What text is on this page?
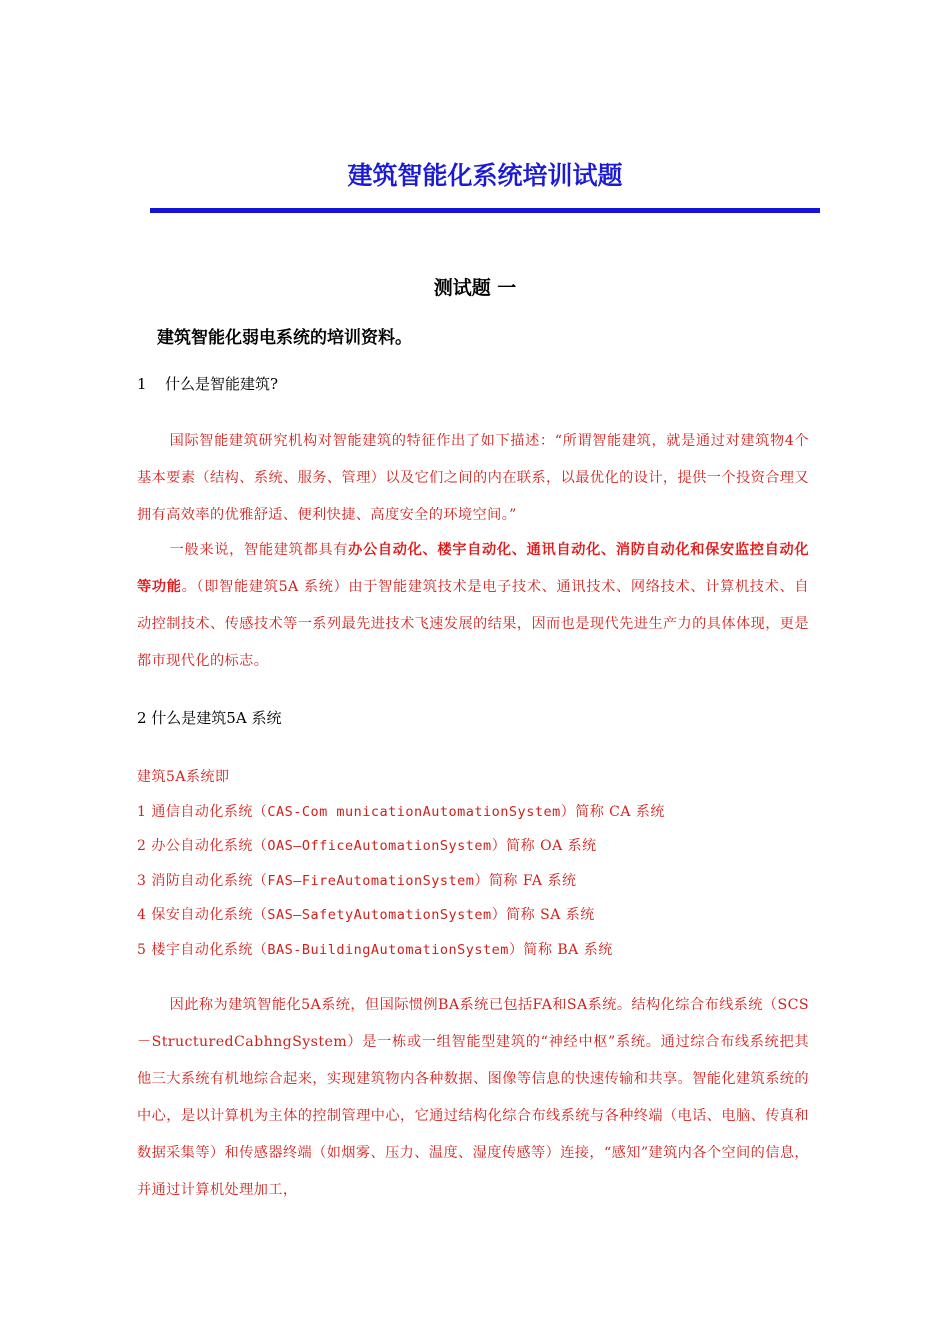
建筑智能化系统培训试题
测试题 一
建筑智能化弱电系统的培训资料。
1 什么是智能建筑?
国际智能建筑研究机构对智能建筑的特征作出了如下描述：“所谓智能建筑，就是通过对建筑物4个基本要素（结构、系统、服务、管理）以及它们之间的内在联系，以最优化的设计，提供一个投资合理又拥有高效率的优雅舒适、便利快捷、高度安全的环境空间。”
一般来说，智能建筑都具有办公自动化、楼宇自动化、通讯自动化、消防自动化和保安监控自动化等功能。（即智能建筑5A 系统）由于智能建筑技术是电子技术、通讯技术、网络技术、计算机技术、自动控制技术、传感技术等一系列最先进技术飞速发展的结果，因而也是现代先进生产力的具体体现，更是都市现代化的标志。
2 什么是建筑5A 系统
建筑5A系统即
1 通信自动化系统（CAS-Com municationAutomationSystem）简称 CA 系统
2 办公自动化系统（OAS—OfficeAutomationSystem）简称 OA 系统
3 消防自动化系统（FAS—FireAutomationSystem）简称 FA 系统
4 保安自动化系统（SAS—SafetyAutomationSystem）简称 SA 系统
5 楼宇自动化系统（BAS-BuildingAutomationSystem）简称 BA 系统
因此称为建筑智能化5A系统，但国际惯例BA系统已包括FA和SA系统。结构化综合布线系统（SCS－StructuredCabhngSystem）是一栋或一组智能型建筑的“神经中枢”系统。通过综合布线系统把其他三大系统有机地综合起来，实现建筑物内各种数据、图像等信息的快速传输和共享。智能化建筑系统的中心，是以计算机为主体的控制管理中心，它通过结构化综合布线系统与各种终端（电话、电脑、传真和数据采集等）和传感器终端（如烟雾、压力、温度、湿度传感等）连接，“感知”建筑内各个空间的信息，并通过计算机处理加工，
